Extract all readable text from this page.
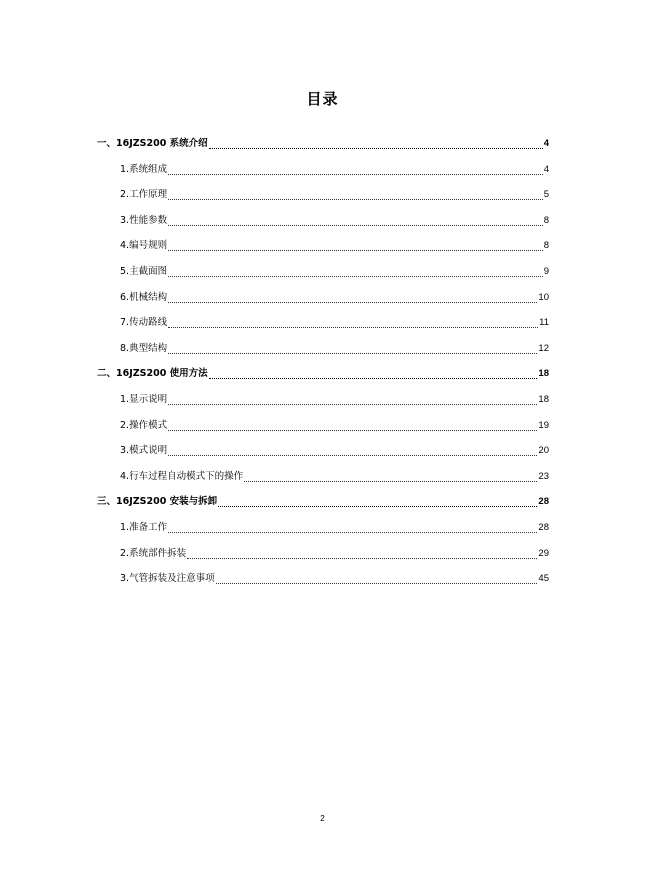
目录
一、16JZS200 系统介绍	4
1.系统组成	4
2.工作原理	5
3.性能参数	8
4.编号规则	8
5.主截面图	9
6.机械结构	10
7.传动路线	11
8.典型结构	12
二、16JZS200 使用方法	18
1.显示说明	18
2.操作模式	19
3.模式说明	20
4.行车过程自动模式下的操作	23
三、16JZS200 安装与拆卸	28
1.准备工作	28
2.系统部件拆装	29
3.气管拆装及注意事项	45
2
